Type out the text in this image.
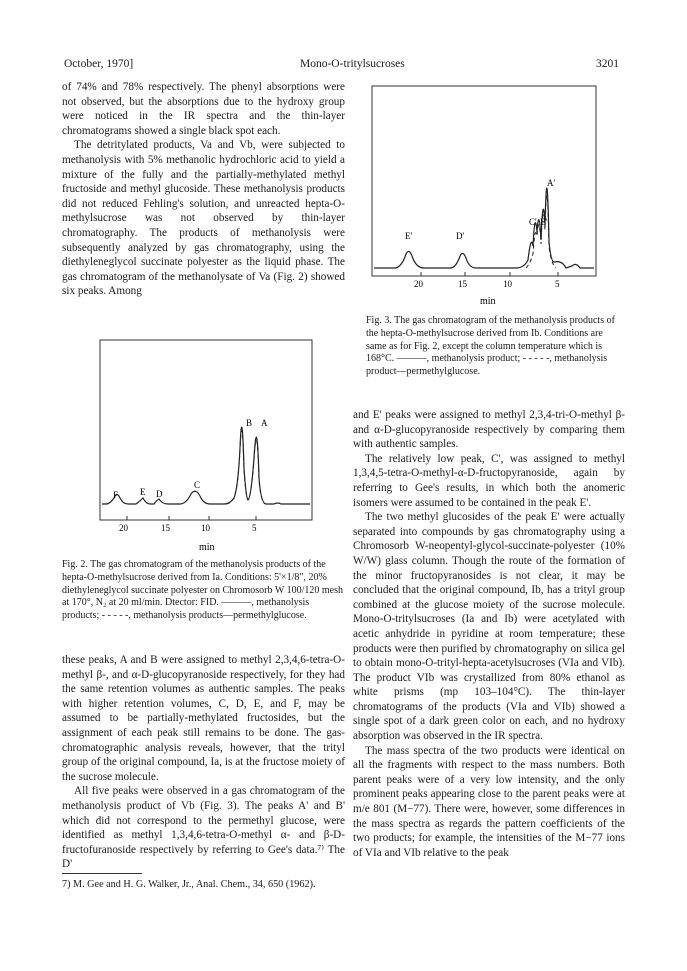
October, 1970]	Mono-O-tritylsucroses	3201

of 74% and 78% respectively. The phenyl absorptions were not observed, but the absorptions due to the hydroxy group were noticed in the IR spectra and the thin-layer chromatograms showed a single black spot each.

The detritylated products, Va and Vb, were subjected to methanolysis with 5% methanolic hydrochloric acid to yield a mixture of the fully and the partially-methylated methyl fructoside and methyl glucoside. These methanolysis products did not reduced Fehling's solution, and unreacted hepta-O-methylsucrose was not observed by thin-layer chromatography. The products of methanolysis were subsequently analyzed by gas chromatography, using the diethyleneglycol succinate polyester as the liquid phase. The gas chromatogram of the methanolysate of Va (Fig. 2) showed six peaks. Among

F E D
C
B A
20	15	10	5
min

Fig. 2. The gas chromatogram of the methanolysis products of the hepta-O-methylsucrose derived from Ia. Conditions: 5'×1/8", 20% diethyleneglycol succinate polyester on Chromosorb W 100/120 mesh at 170°, N₂ at 20 ml/min. Dtector: FID. ———, methanolysis products; - - - - -, methanolysis products—permethylglucose.

these peaks, A and B were assigned to methyl 2,3,4,6-tetra-O-methyl β-, and α-D-glucopyranoside respectively, for they had the same retention volumes as authentic samples. The peaks with higher retention volumes, C, D, E, and F, may be assumed to be partially-methylated fructosides, but the assignment of each peak still remains to be done. The gas-chromatographic analysis reveals, however, that the trityl group of the original compound, Ia, is at the fructose moiety of the sucrose molecule.

All five peaks were observed in a gas chromatogram of the methanolysis product of Vb (Fig. 3). The peaks A' and B' which did not correspond to the permethyl glucose, were identified as methyl 1,3,4,6-tetra-O-methyl α- and β-D-fructofuranoside respectively by referring to Gee's data.⁷⁾ The D'

7) M. Gee and H. G. Walker, Jr., Anal. Chem., 34, 650 (1962).
E'	D'
C' E'
A'
20	15	10	5
min

Fig. 3. The gas chromatogram of the methanolysis products of the hepta-O-methylsucrose derived from Ib. Conditions are same as for Fig. 2, except the column temperature which is 168°C. ———, methanolysis product; - - - - -, methanolysis product—permethylglucose.

and E' peaks were assigned to methyl 2,3,4-tri-O-methyl β- and α-D-glucopyranoside respectively by comparing them with authentic samples.

The relatively low peak, C', was assigned to methyl 1,3,4,5-tetra-O-methyl-α-D-fructopyranoside, again by referring to Gee's results, in which both the anomeric isomers were assumed to be contained in the peak E'.

The two methyl glucosides of the peak E' were actually separated into compounds by gas chromatography using a Chromosorb W-neopentyl-glycol-succinate-polyester (10% W/W) glass column. Though the route of the formation of the minor fructopyranosides is not clear, it may be concluded that the original compound, Ib, has a trityl group combined at the glucose moiety of the sucrose molecule. Mono-O-tritylsucroses (Ia and Ib) were acetylated with acetic anhydride in pyridine at room temperature; these products were then purified by chromatography on silica gel to obtain mono-O-trityl-hepta-acetylsucroses (VIa and VIb). The product VIb was crystallized from 80% ethanol as white prisms (mp 103–104°C). The thin-layer chromatograms of the products (VIa and VIb) showed a single spot of a dark green color on each, and no hydroxy absorption was observed in the IR spectra.

The mass spectra of the two products were identical on all the fragments with respect to the mass numbers. Both parent peaks were of a very low intensity, and the only prominent peaks appearing close to the parent peaks were at m/e 801 (M−77). There were, however, some differences in the mass spectra as regards the pattern coefficients of the two products; for example, the intensities of the M−77 ions of VIa and VIb relative to the peak
